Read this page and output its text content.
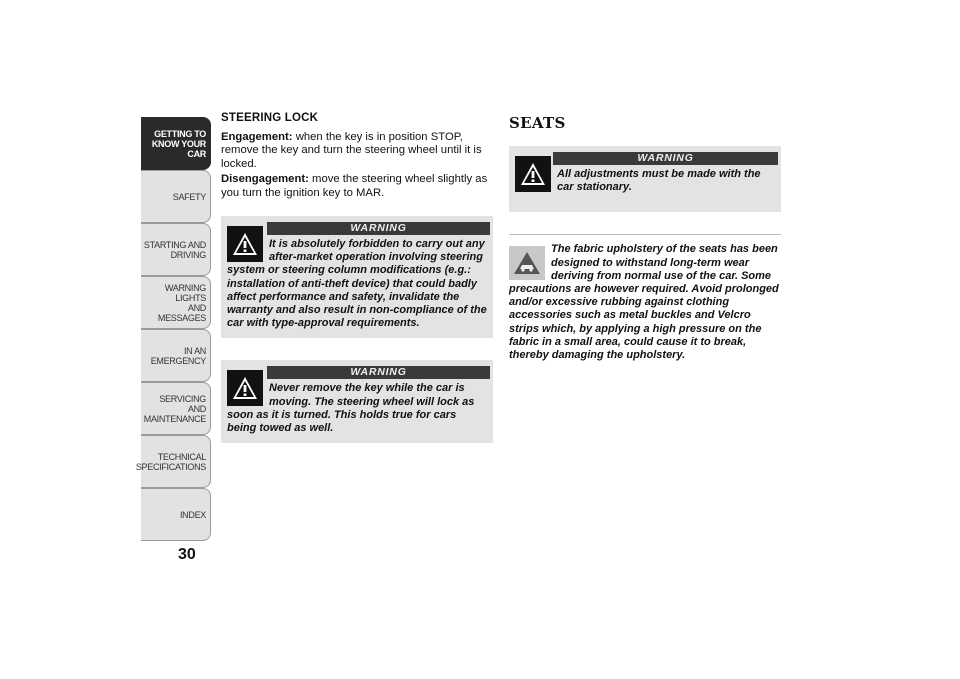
GETTING TO
KNOW YOUR CAR
SAFETY
STARTING AND
DRIVING
WARNING LIGHTS
AND MESSAGES
IN AN EMERGENCY
SERVICING AND
MAINTENANCE
TECHNICAL
SPECIFICATIONS
INDEX
30
STEERING LOCK

Engagement: when the key is in position STOP, remove the key and turn the steering wheel until it is locked.

Disengagement: move the steering wheel slightly as you turn the ignition key to MAR.

WARNING
It is absolutely forbidden to carry out any after-market operation involving steering system or steering column modifications (e.g.: installation of anti-theft device) that could badly affect performance and safety, invalidate the warranty and also result in non-compliance of the car with type-approval requirements.
WARNING
Never remove the key while the car is moving. The steering wheel will lock as soon as it is turned. This holds true for cars being towed as well.
SEATS
WARNING
All adjustments must be made with the car stationary.
The fabric upholstery of the seats has been designed to withstand long-term wear deriving from normal use of the car. Some precautions are however required. Avoid prolonged and/or excessive rubbing against clothing accessories such as metal buckles and Velcro strips which, by applying a high pressure on the fabric in a small area, could cause it to break, thereby damaging the upholstery.
